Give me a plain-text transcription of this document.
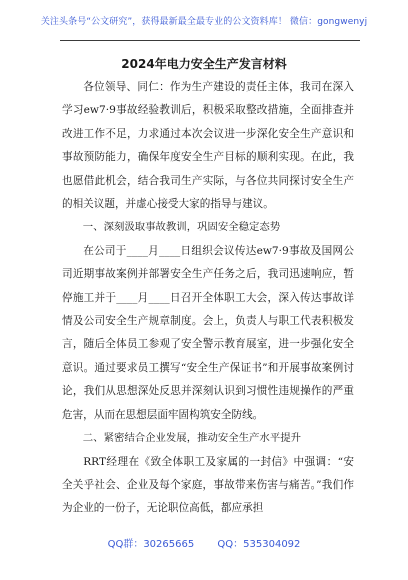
关注头条号“公文研究”，获得最新最全最专业的公文资料库！ 微信：gongwenyj
2024年电力安全生产发言材料

各位领导、同仁：作为生产建设的责任主体，我司在深入学习ew7·9事故经验教训后，积极采取整改措施，全面排查并改进工作不足，力求通过本次会议进一步深化安全生产意识和事故预防能力，确保年度安全生产目标的顺利实现。在此，我也愿借此机会，结合我司生产实际，与各位共同探讨安全生产的相关议题，并虚心接受大家的指导与建议。

一、深刻汲取事故教训，巩固安全稳定态势

在公司于____月____日组织会议传达ew7·9事故及国网公司近期事故案例并部署安全生产任务之后，我司迅速响应，暂停施工并于____月____日召开全体职工大会，深入传达事故详情及公司安全生产规章制度。会上，负责人与职工代表积极发言，随后全体员工参观了安全警示教育展室，进一步强化安全意识。通过要求员工撰写“安全生产保证书”和开展事故案例讨论，我们从思想深处反思并深刻认识到习惯性违规操作的严重危害，从而在思想层面牢固构筑安全防线。

二、紧密结合企业发展，推动安全生产水平提升

RRT经理在《致全体职工及家属的一封信》中强调：“安全关乎社会、企业及每个家庭，事故带来伤害与痛苦。”我们作为企业的一份子，无论职位高低，都应承担

QQ群：30265665 QQ：535304092
